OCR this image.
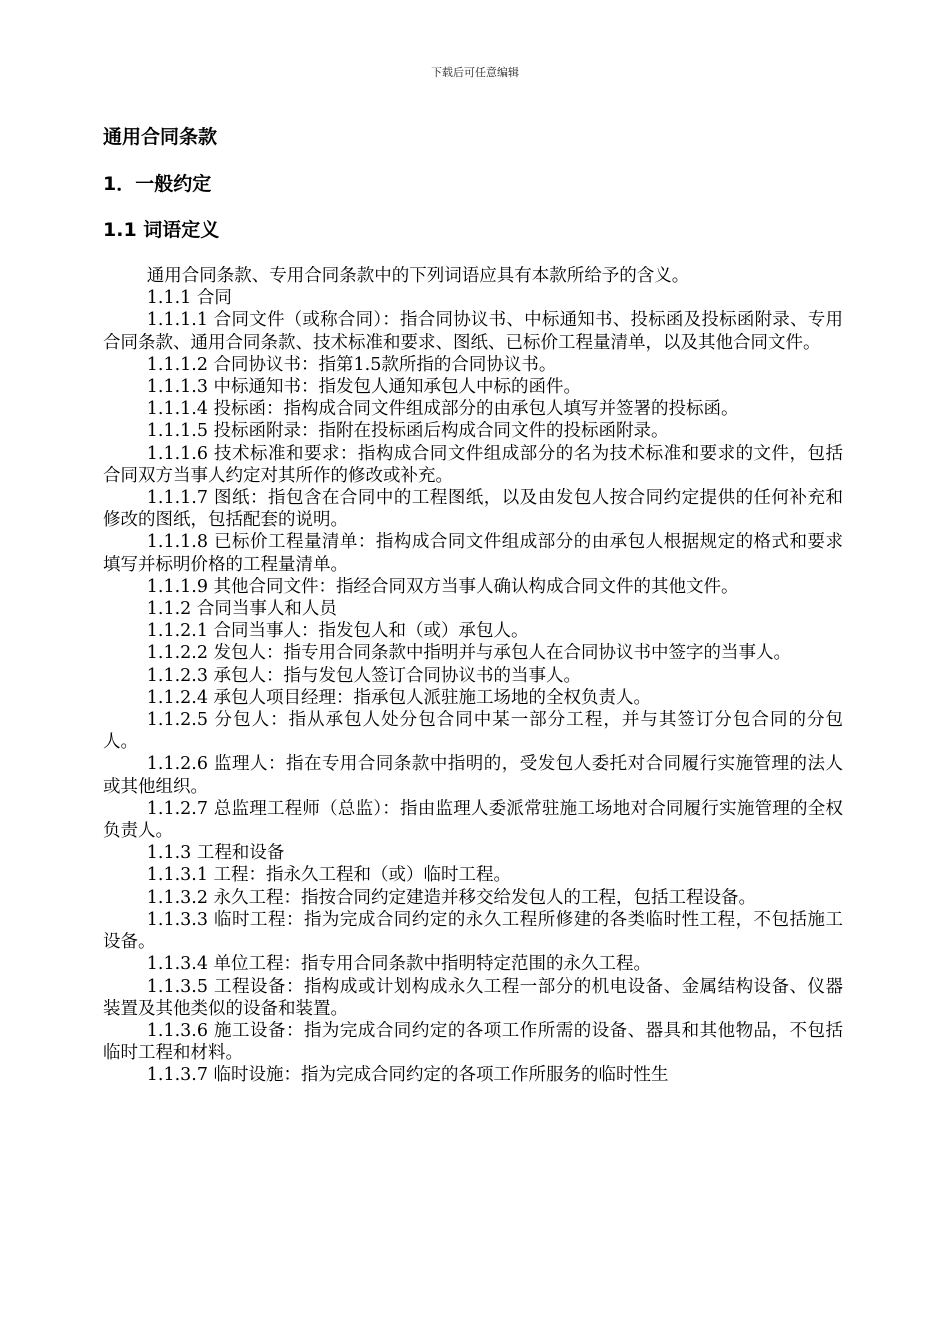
下载后可任意编辑
通用合同条款
1．一般约定
1.1 词语定义

通用合同条款、专用合同条款中的下列词语应具有本款所给予的含义。

1.1.1 合同

1.1.1.1 合同文件（或称合同）：指合同协议书、中标通知书、投标函及投标函附录、专用合同条款、通用合同条款、技术标准和要求、图纸、已标价工程量清单，以及其他合同文件。

1.1.1.2 合同协议书：指第1.5款所指的合同协议书。

1.1.1.3 中标通知书：指发包人通知承包人中标的函件。

1.1.1.4 投标函：指构成合同文件组成部分的由承包人填写并签署的投标函。

1.1.1.5 投标函附录：指附在投标函后构成合同文件的投标函附录。

1.1.1.6 技术标准和要求：指构成合同文件组成部分的名为技术标准和要求的文件，包括合同双方当事人约定对其所作的修改或补充。

1.1.1.7 图纸：指包含在合同中的工程图纸，以及由发包人按合同约定提供的任何补充和修改的图纸，包括配套的说明。

1.1.1.8 已标价工程量清单：指构成合同文件组成部分的由承包人根据规定的格式和要求填写并标明价格的工程量清单。

1.1.1.9 其他合同文件：指经合同双方当事人确认构成合同文件的其他文件。

1.1.2 合同当事人和人员

1.1.2.1 合同当事人：指发包人和（或）承包人。

1.1.2.2 发包人：指专用合同条款中指明并与承包人在合同协议书中签字的当事人。

1.1.2.3 承包人：指与发包人签订合同协议书的当事人。

1.1.2.4 承包人项目经理：指承包人派驻施工场地的全权负责人。

1.1.2.5 分包人：指从承包人处分包合同中某一部分工程，并与其签订分包合同的分包人。

1.1.2.6 监理人：指在专用合同条款中指明的，受发包人委托对合同履行实施管理的法人或其他组织。

1.1.2.7 总监理工程师（总监）：指由监理人委派常驻施工场地对合同履行实施管理的全权负责人。

1.1.3 工程和设备

1.1.3.1 工程：指永久工程和（或）临时工程。

1.1.3.2 永久工程：指按合同约定建造并移交给发包人的工程，包括工程设备。

1.1.3.3 临时工程：指为完成合同约定的永久工程所修建的各类临时性工程，不包括施工设备。

1.1.3.4 单位工程：指专用合同条款中指明特定范围的永久工程。

1.1.3.5 工程设备：指构成或计划构成永久工程一部分的机电设备、金属结构设备、仪器装置及其他类似的设备和装置。

1.1.3.6 施工设备：指为完成合同约定的各项工作所需的设备、器具和其他物品，不包括临时工程和材料。

1.1.3.7 临时设施：指为完成合同约定的各项工作所服务的临时性生
